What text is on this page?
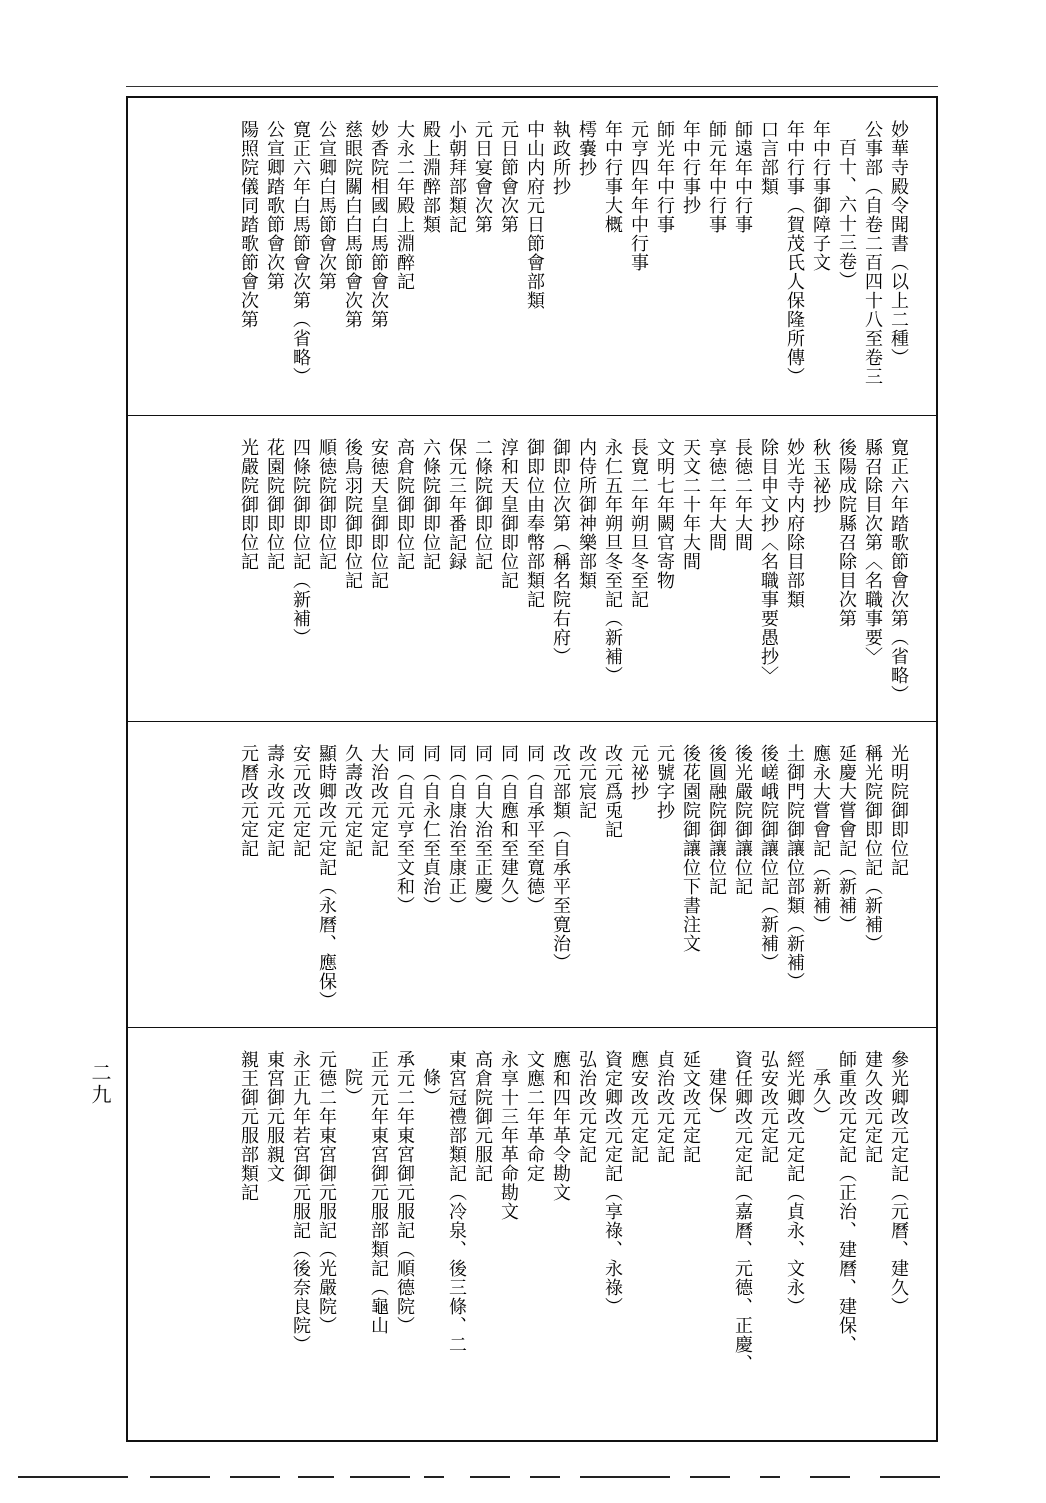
妙華寺殿令聞書（以上二種）
公事部（自卷二百四十八至卷三
百十、六十三卷）
年中行事御障子文
年中行事（賀茂氏人保隆所傳）
口言部類
師遠年中行事
師元年中行事
年中行事抄
師光年中行事
元亨四年年中行事
年中行事大概
樗嚢抄
執政所抄
中山内府元日節會部類
元日節會次第
元日宴會次第
小朝拜部類記
殿上淵醉部類
大永二年殿上淵醉記
妙香院相國白馬節會次第
慈眼院關白白馬節會次第
公宣卿白馬節會次第
寛正六年白馬節會次第（省略）
公宣卿踏歌節會次第
陽照院儀同踏歌節會次第
寛正六年踏歌節會次第（省略）
縣召除目次第〈名職事要〉
後陽成院縣召除目次第
秋玉祕抄
妙光寺内府除目部類
除目申文抄〈名職事要愚抄〉
長徳二年大間
享徳二年大間
天文二十年大間
文明七年闕官寄物
長寛二年朔旦冬至記
永仁五年朔旦冬至記（新補）
内侍所御神樂部類
御即位次第（稱名院右府）
御即位由奉幣部類記
淳和天皇御即位記
二條院御即位記
保元三年番記録
六條院御即位記
高倉院御即位記
安徳天皇御即位記
後鳥羽院御即位記
順徳院御即位記
四條院御即位記（新補）
花園院御即位記
光嚴院御即位記
光明院御即位記
稱光院御即位記（新補）
延慶大嘗會記（新補）
應永大嘗會記（新補）
土御門院御讓位部類（新補）
後嵯峨院御讓位記（新補）
後光嚴院御讓位記
後圓融院御讓位記
後花園院御讓位下書注文
元號字抄
元祕抄
改元爲兎記
改元宸記
改元部類（自承平至寛治）
同（自承平至寬德）
同（自應和至建久）
同（自大治至正慶）
同（自康治至康正）
同（自永仁至貞治）
同（自元亨至文和）
大治改元定記
久壽改元定記
顯時卿改元定記（永曆、應保）
安元改元定記
壽永改元定記
元曆改元定記
參光卿改元定記（元曆、建久）
建久改元定記
師重改元定記（正治、建曆、建保、
承久）
經光卿改元定記（貞永、文永）
弘安改元定記
資任卿改元定記（嘉曆、元德、正慶、
建保）
延文改元定記
貞治改元定記
應安改元定記
資定卿改元定記（享祿、永祿）
弘治改元定記
應和四年革令勘文
文應二年革命定
永享十三年革命勘文
高倉院御元服記
東宮冠禮部類記（冷泉、後三條、二
條）
承元二年東宮御元服記（順德院）
正元元年東宮御元服部類記（龜山
院）
元德二年東宮御元服記（光嚴院）
永正九年若宮御元服記（後奈良院）
東宮御元服親文
親王御元服部類記
二九
